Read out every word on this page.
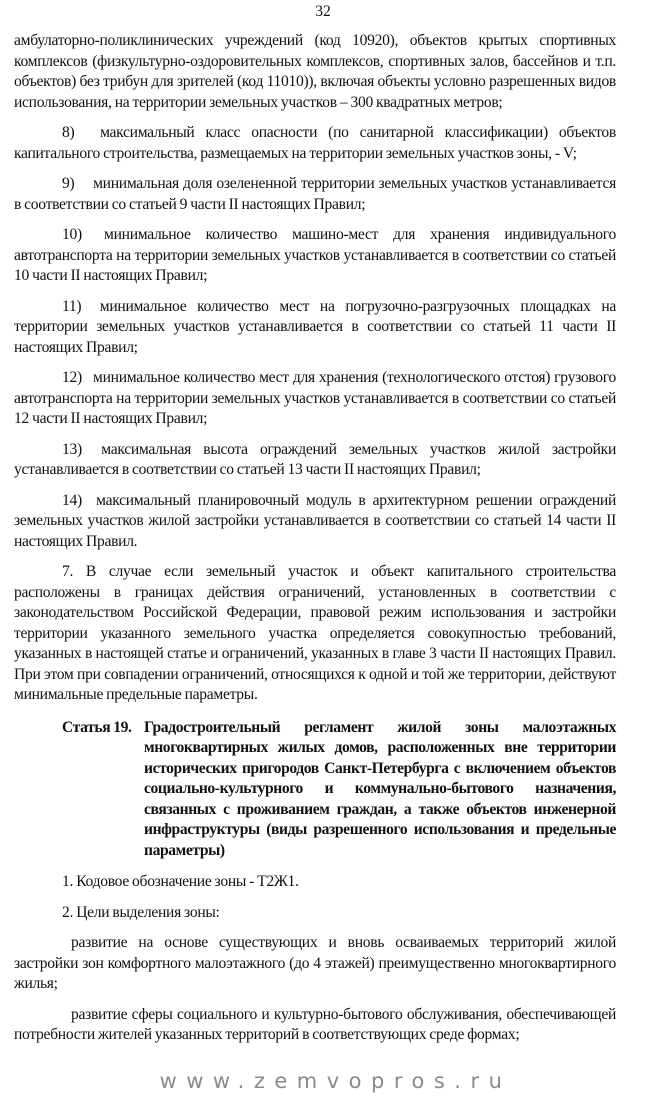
32

амбулаторно-поликлинических учреждений (код 10920), объектов крытых спортивных комплексов (физкультурно-оздоровительных комплексов, спортивных залов, бассейнов и т.п. объектов) без трибун для зрителей (код 11010)), включая объекты условно разрешенных видов использования, на территории земельных участков – 300 квадратных метров;

8) максимальный класс опасности (по санитарной классификации) объектов капитального строительства, размещаемых на территории земельных участков зоны, - V;

9) минимальная доля озелененной территории земельных участков устанавливается в соответствии со статьей 9 части II настоящих Правил;

10) минимальное количество машино-мест для хранения индивидуального автотранспорта на территории земельных участков устанавливается в соответствии со статьей 10 части II настоящих Правил;

11) минимальное количество мест на погрузочно-разгрузочных площадках на территории земельных участков устанавливается в соответствии со статьей 11 части II настоящих Правил;

12) минимальное количество мест для хранения (технологического отстоя) грузового автотранспорта на территории земельных участков устанавливается в соответствии со статьей 12 части II настоящих Правил;

13) максимальная высота ограждений земельных участков жилой застройки устанавливается в соответствии со статьей 13 части II настоящих Правил;

14) максимальный планировочный модуль в архитектурном решении ограждений земельных участков жилой застройки устанавливается в соответствии со статьей 14 части II настоящих Правил.

7. В случае если земельный участок и объект капитального строительства расположены в границах действия ограничений, установленных в соответствии с законодательством Российской Федерации, правовой режим использования и застройки территории указанного земельного участка определяется совокупностью требований, указанных в настоящей статье и ограничений, указанных в главе 3 части II настоящих Правил. При этом при совпадении ограничений, относящихся к одной и той же территории, действуют минимальные предельные параметры.

Статья 19. Градостроительный регламент жилой зоны малоэтажных многоквартирных жилых домов, расположенных вне территории исторических пригородов Санкт-Петербурга с включением объектов социально-культурного и коммунально-бытового назначения, связанных с проживанием граждан, а также объектов инженерной инфраструктуры (виды разрешенного использования и предельные параметры)

1. Кодовое обозначение зоны - Т2Ж1.

2. Цели выделения зоны:

развитие на основе существующих и вновь осваиваемых территорий жилой застройки зон комфортного малоэтажного (до 4 этажей) преимущественно многоквартирного жилья;

развитие сферы социального и культурно-бытового обслуживания, обеспечивающей потребности жителей указанных территорий в соответствующих среде формах;

www.zemvopros.ru
